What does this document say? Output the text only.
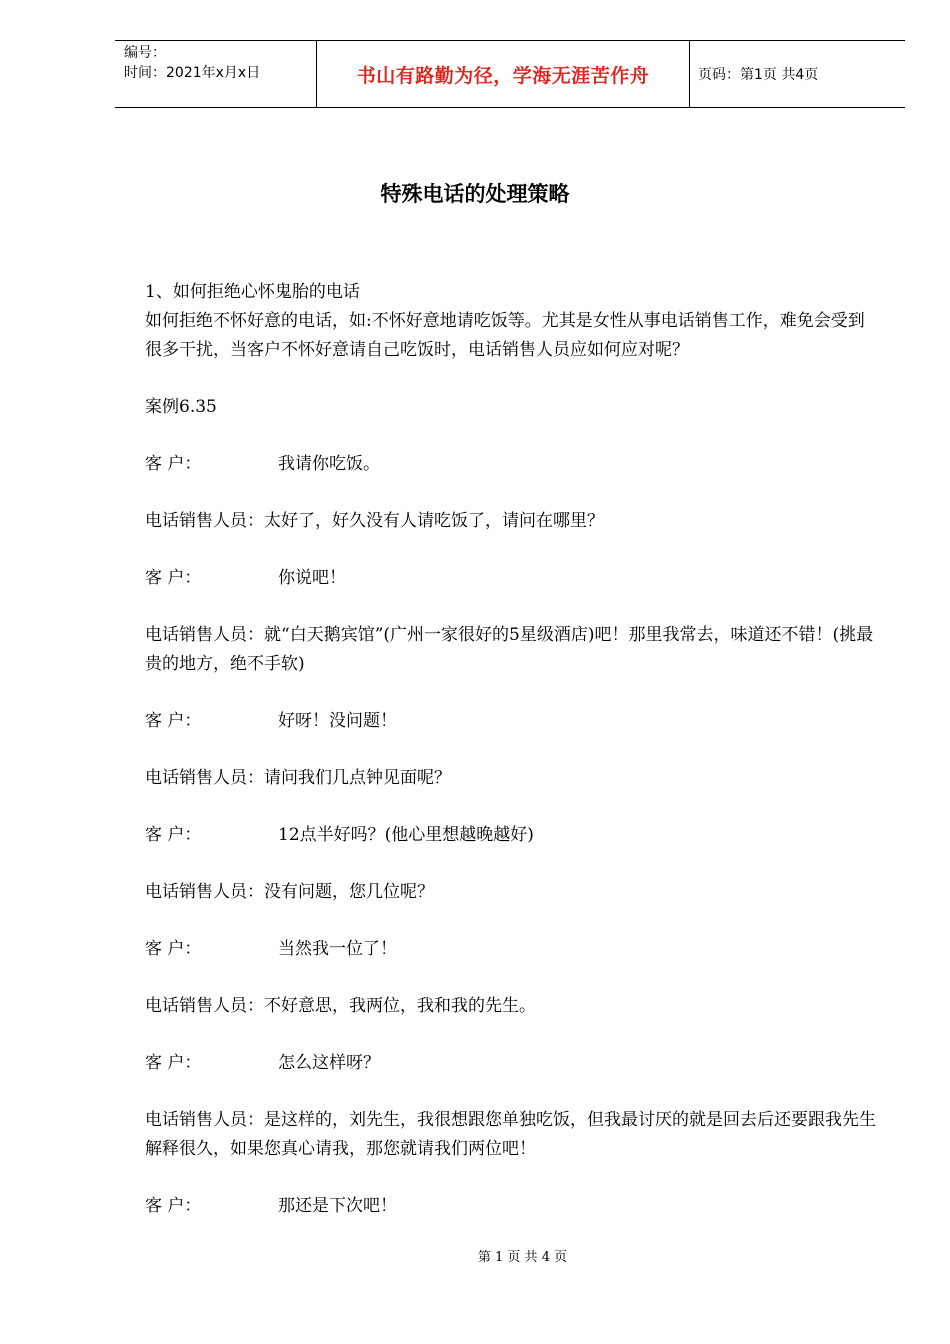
编号：
时间：2021年x月x日	书山有路勤为径，学海无涯苦作舟	页码：第1页 共4页
特殊电话的处理策略

1、如何拒绝心怀鬼胎的电话

如何拒绝不怀好意的电话，如:不怀好意地请吃饭等。尤其是女性从事电话销售工作，难免会受到很多干扰，当客户不怀好意请自己吃饭时，电话销售人员应如何应对呢？

案例6.35

客 户：	我请你吃饭。

电话销售人员：太好了，好久没有人请吃饭了，请问在哪里？

客 户：	你说吧！

电话销售人员：就“白天鹅宾馆”(广州一家很好的5星级酒店)吧！那里我常去，味道还不错！(挑最贵的地方，绝不手软)

客 户：	好呀！没问题！

电话销售人员：请问我们几点钟见面呢？

客 户：	12点半好吗？(他心里想越晚越好)

电话销售人员：没有问题，您几位呢？

客 户：	当然我一位了！

电话销售人员：不好意思，我两位，我和我的先生。

客 户：	怎么这样呀？

电话销售人员：是这样的，刘先生，我很想跟您单独吃饭，但我最讨厌的就是回去后还要跟我先生解释很久，如果您真心请我，那您就请我们两位吧！

客 户：	那还是下次吧！

第 1 页 共 4 页
